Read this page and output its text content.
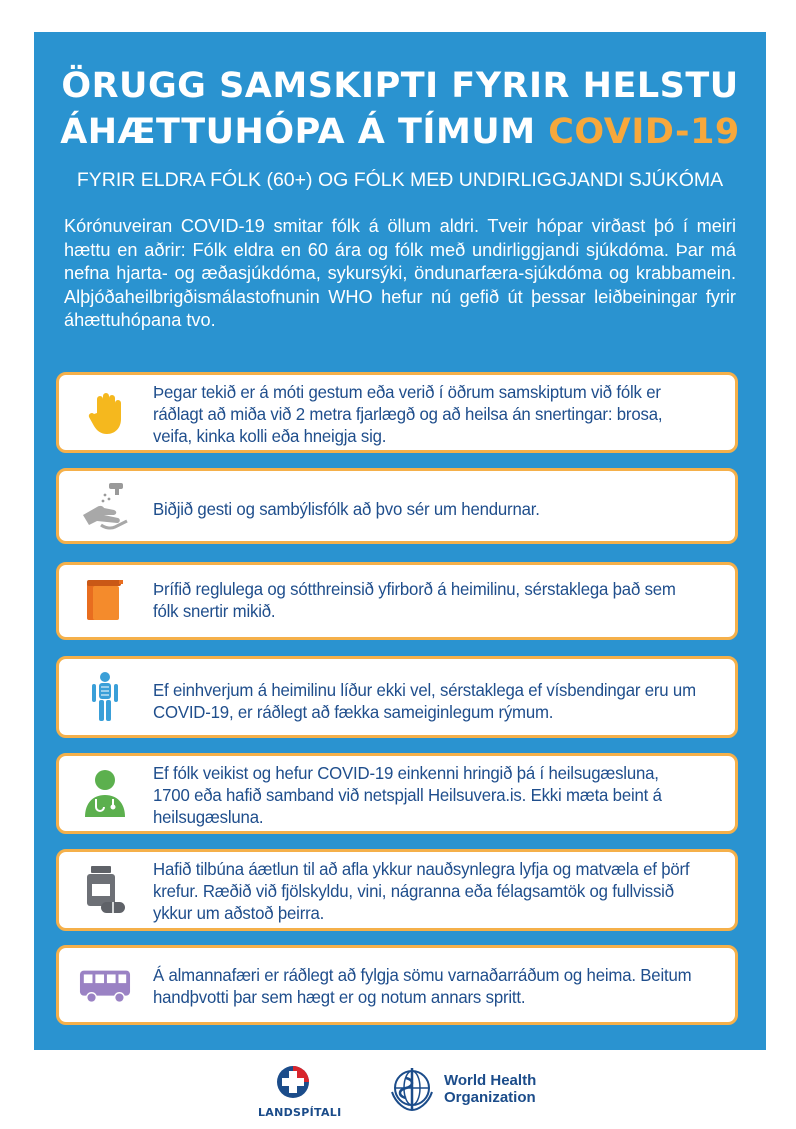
ÖRUGG SAMSKIPTI FYRIR HELSTU
ÁHÆTTUHÓPA Á TÍMUM COVID-19
FYRIR ELDRA FÓLK (60+) OG FÓLK MEÐ UNDIRLIGGJANDI SJÚKÓMA
Kórónuveiran COVID-19 smitar fólk á öllum aldri. Tveir hópar virðast þó í meiri hættu en aðrir: Fólk eldra en 60 ára og fólk með undirliggjandi sjúkdóma. Þar má nefna hjarta- og æðasjúkdóma, sykursýki, öndunarfæra-sjúkdóma og krabbamein. Alþjóðaheilbrigðismálastofnunin WHO hefur nú gefið út þessar leiðbeiningar fyrir áhættuhópana tvo.
Þegar tekið er á móti gestum eða verið í öðrum samskiptum við fólk er ráðlagt að miða við 2 metra fjarlægð og að heilsa án snertingar: brosa, veifa, kinka kolli eða hneigja sig.
Biðjið gesti og sambýlisfólk að þvo sér um hendurnar.
Þrífið reglulega og sótthreinsið yfirborð á heimilinu, sérstaklega það sem fólk snertir mikið.
Ef einhverjum á heimilinu líður ekki vel, sérstaklega ef vísbendingar eru um COVID-19, er ráðlegt að fækka sameiginlegum rýmum.
Ef fólk veikist og hefur COVID-19 einkenni hringið þá í heilsugæsluna, 1700 eða hafið samband við netspjall Heilsuvera.is. Ekki mæta beint á heilsugæsluna.
Hafið tilbúna áætlun til að afla ykkur nauðsynlegra lyfja og matvæla ef þörf krefur. Ræðið við fjölskyldu, vini, nágranna eða félagsamtök og fullvissið ykkur um aðstoð þeirra.
Á almannafæri er ráðlegt að fylgja sömu varnaðarráðum og heima. Beitum handþvotti þar sem hægt er og notum annars spritt.
LANDSPÍTALI
World Health
Organization
